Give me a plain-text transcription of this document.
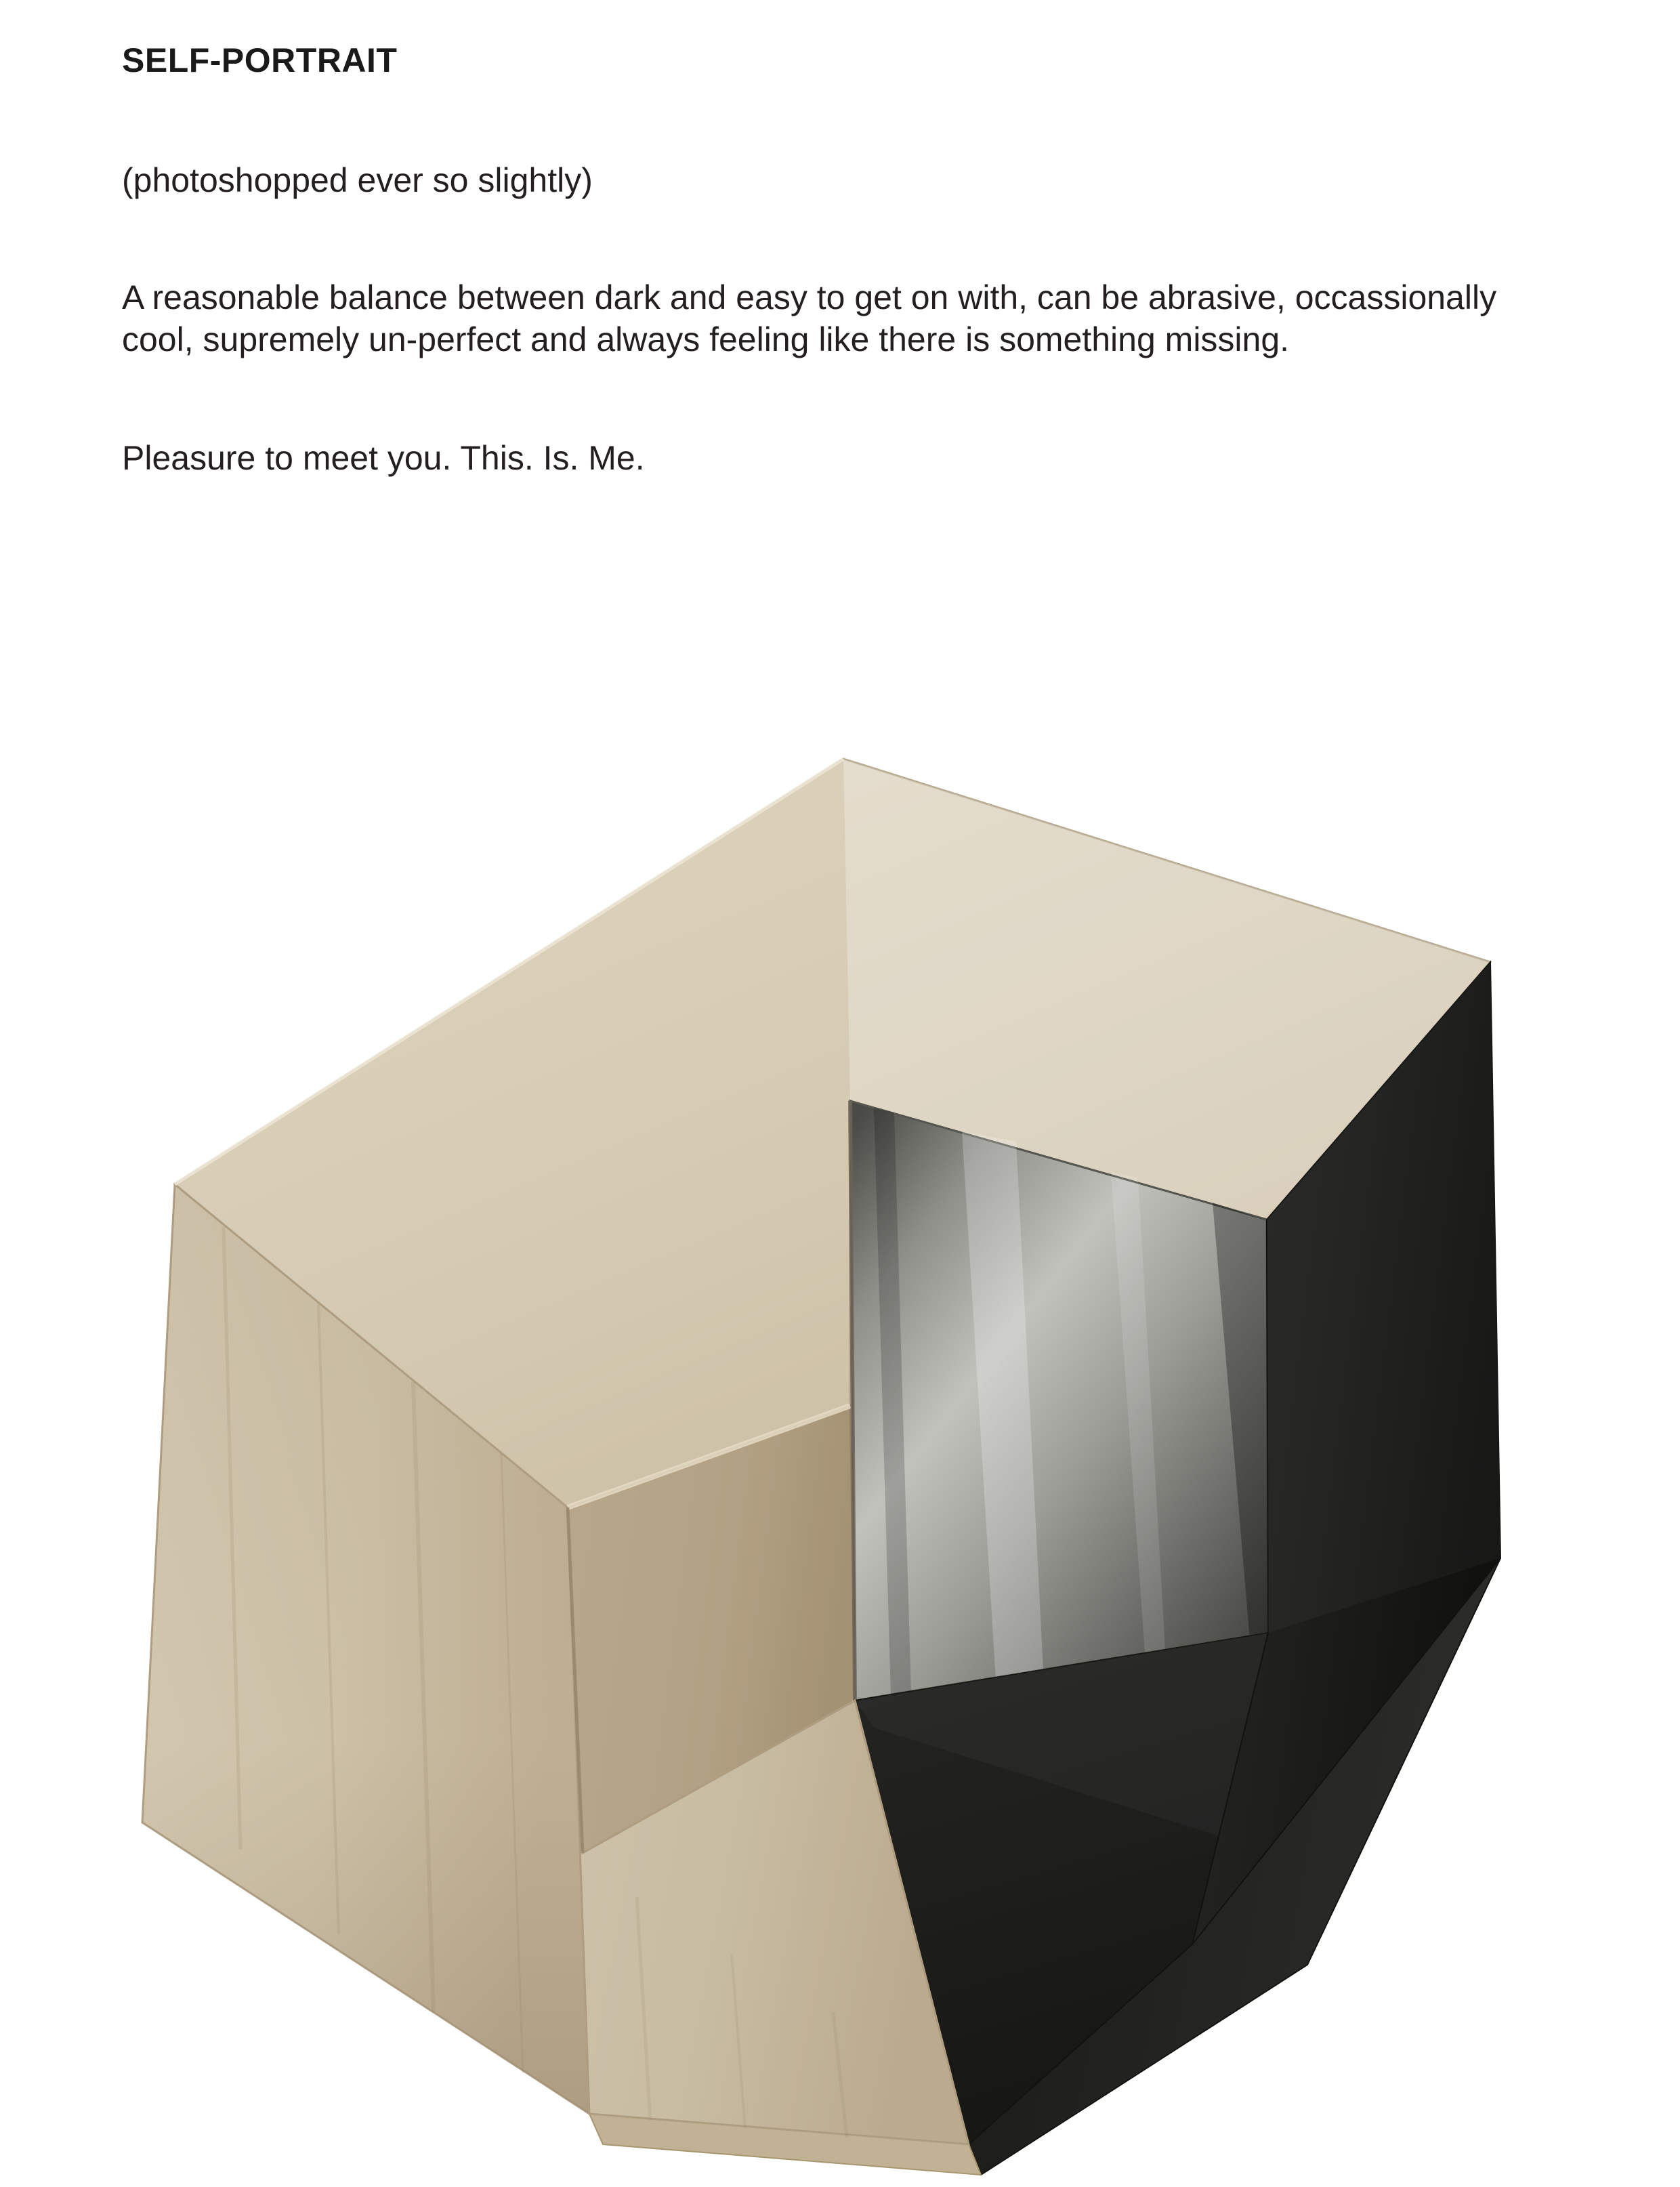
SELF-PORTRAIT

(photoshopped ever so slightly)

A reasonable balance between dark and easy to get on with, can be abrasive, occassionally cool, supremely un-perfect and always feeling like there is something missing.

Pleasure to meet you. This. Is. Me.
